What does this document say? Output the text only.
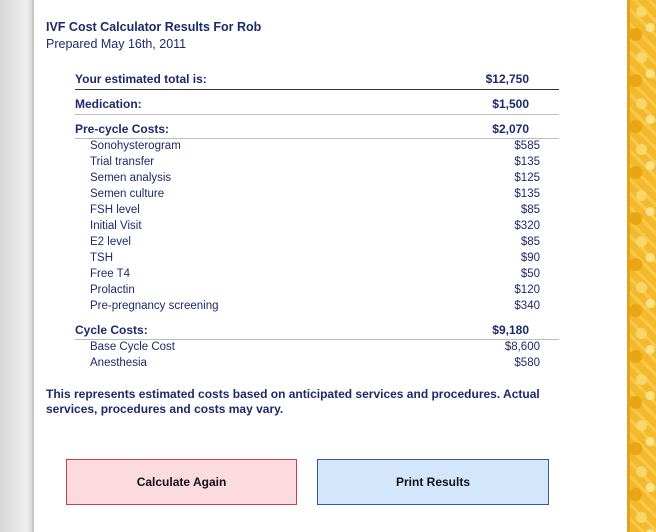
IVF Cost Calculator Results For Rob
Prepared May 16th, 2011
Your estimated total is:	$12,750
Medication:	$1,500
Pre-cycle Costs:	$2,070
Sonohysterogram	$585
Trial transfer	$135
Semen analysis	$125
Semen culture	$135
FSH level	$85
Initial Visit	$320
E2 level	$85
TSH	$90
Free T4	$50
Prolactin	$120
Pre-pregnancy screening	$340
Cycle Costs:	$9,180
Base Cycle Cost	$8,600
Anesthesia	$580
This represents estimated costs based on anticipated services and procedures. Actual services, procedures and costs may vary.
Calculate Again	Print Results
